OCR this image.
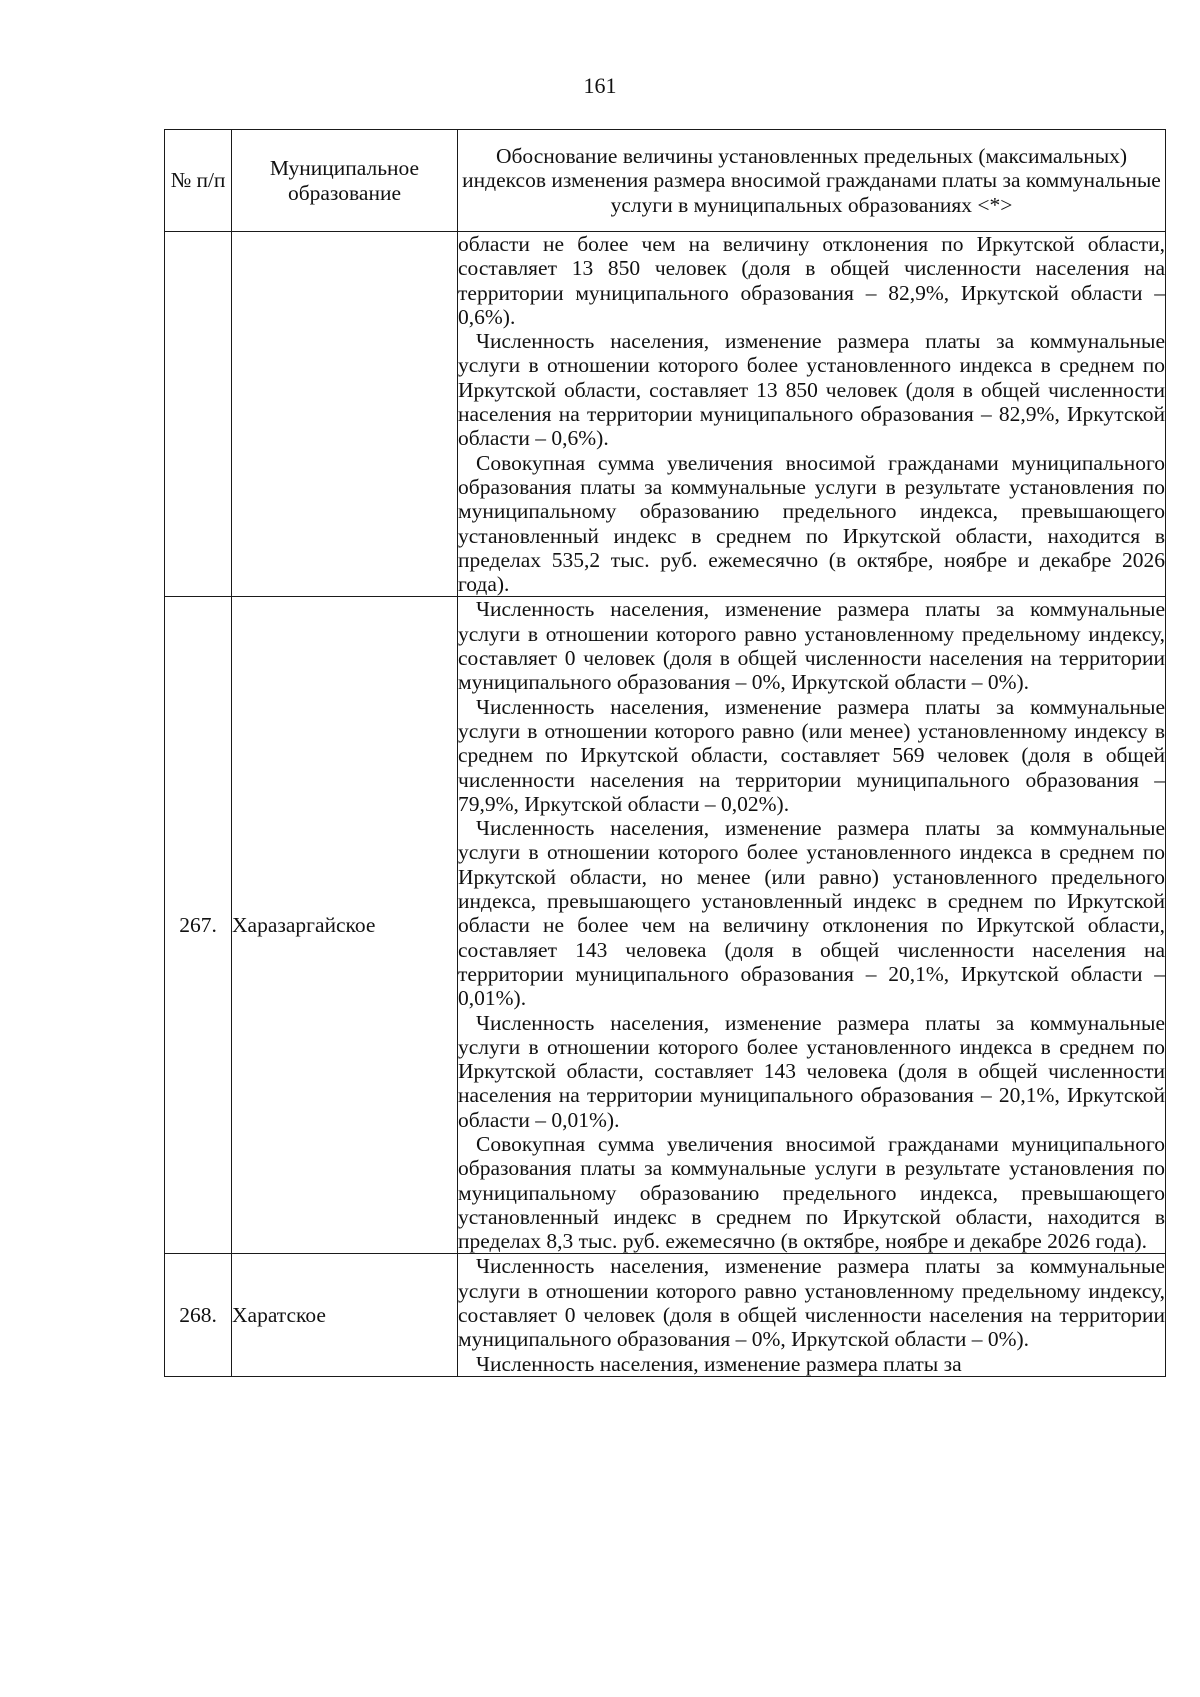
161
№ п/п	Муниципальное образование	Обоснование величины установленных предельных (максимальных) индексов изменения размера вносимой гражданами платы за коммунальные услуги в муниципальных образованиях <*>

		области не более чем на величину отклонения по Иркутской области, составляет 13 850 человек (доля в общей численности населения на территории муниципального образования – 82,9%, Иркутской области – 0,6%).

Численность населения, изменение размера платы за коммунальные услуги в отношении которого более установленного индекса в среднем по Иркутской области, составляет 13 850 человек (доля в общей численности населения на территории муниципального образования – 82,9%, Иркутской области – 0,6%).

Совокупная сумма увеличения вносимой гражданами муниципального образования платы за коммунальные услуги в результате установления по муниципальному образованию предельного индекса, превышающего установленный индекс в среднем по Иркутской области, находится в пределах 535,2 тыс. руб. ежемесячно (в октябре, ноябре и декабре 2026 года).

267.	Харазаргайское	Численность населения, изменение размера платы за коммунальные услуги в отношении которого равно установленному предельному индексу, составляет 0 человек (доля в общей численности населения на территории муниципального образования – 0%, Иркутской области – 0%).

Численность населения, изменение размера платы за коммунальные услуги в отношении которого равно (или менее) установленному индексу в среднем по Иркутской области, составляет 569 человек (доля в общей численности населения на территории муниципального образования – 79,9%, Иркутской области – 0,02%).

Численность населения, изменение размера платы за коммунальные услуги в отношении которого более установленного индекса в среднем по Иркутской области, но менее (или равно) установленного предельного индекса, превышающего установленный индекс в среднем по Иркутской области не более чем на величину отклонения по Иркутской области, составляет 143 человека (доля в общей численности населения на территории муниципального образования – 20,1%, Иркутской области – 0,01%).

Численность населения, изменение размера платы за коммунальные услуги в отношении которого более установленного индекса в среднем по Иркутской области, составляет 143 человека (доля в общей численности населения на территории муниципального образования – 20,1%, Иркутской области – 0,01%).

Совокупная сумма увеличения вносимой гражданами муниципального образования платы за коммунальные услуги в результате установления по муниципальному образованию предельного индекса, превышающего установленный индекс в среднем по Иркутской области, находится в пределах 8,3 тыс. руб. ежемесячно (в октябре, ноябре и декабре 2026 года).

268.	Харатское	Численность населения, изменение размера платы за коммунальные услуги в отношении которого равно установленному предельному индексу, составляет 0 человек (доля в общей численности населения на территории муниципального образования – 0%, Иркутской области – 0%).

Численность населения, изменение размера платы за
